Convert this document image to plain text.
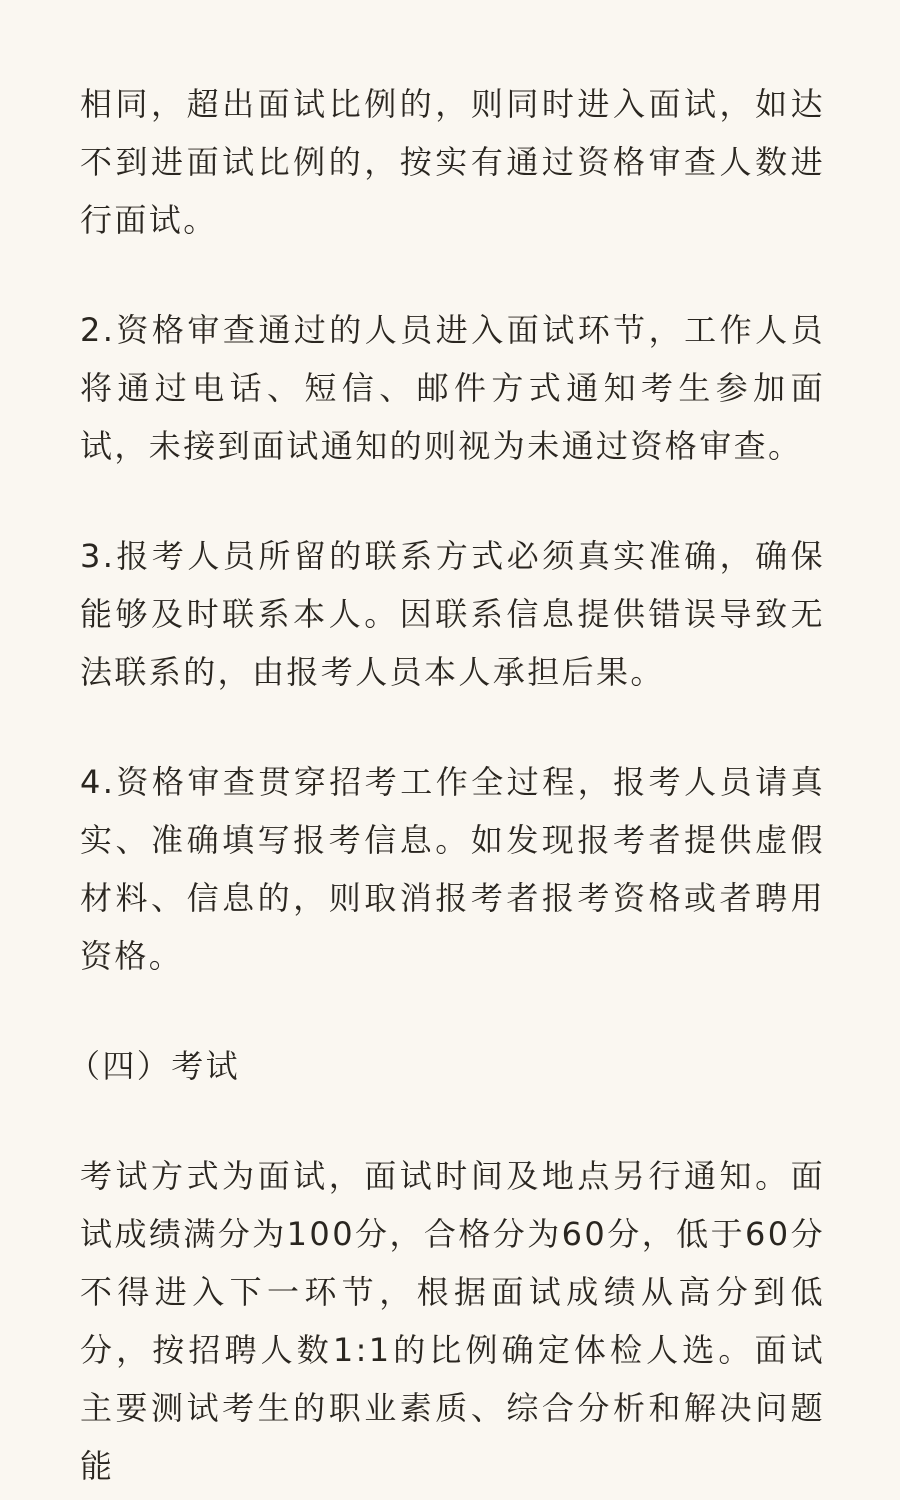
相同，超出面试比例的，则同时进入面试，如达不到进面试比例的，按实有通过资格审查人数进行面试。

2.资格审查通过的人员进入面试环节，工作人员将通过电话、短信、邮件方式通知考生参加面试，未接到面试通知的则视为未通过资格审查。

3.报考人员所留的联系方式必须真实准确，确保能够及时联系本人。因联系信息提供错误导致无法联系的，由报考人员本人承担后果。

4.资格审查贯穿招考工作全过程，报考人员请真实、准确填写报考信息。如发现报考者提供虚假材料、信息的，则取消报考者报考资格或者聘用资格。

（四）考试

考试方式为面试，面试时间及地点另行通知。面试成绩满分为100分，合格分为60分，低于60分不得进入下一环节，根据面试成绩从高分到低分，按招聘人数1:1的比例确定体检人选。面试主要测试考生的职业素质、综合分析和解决问题能
